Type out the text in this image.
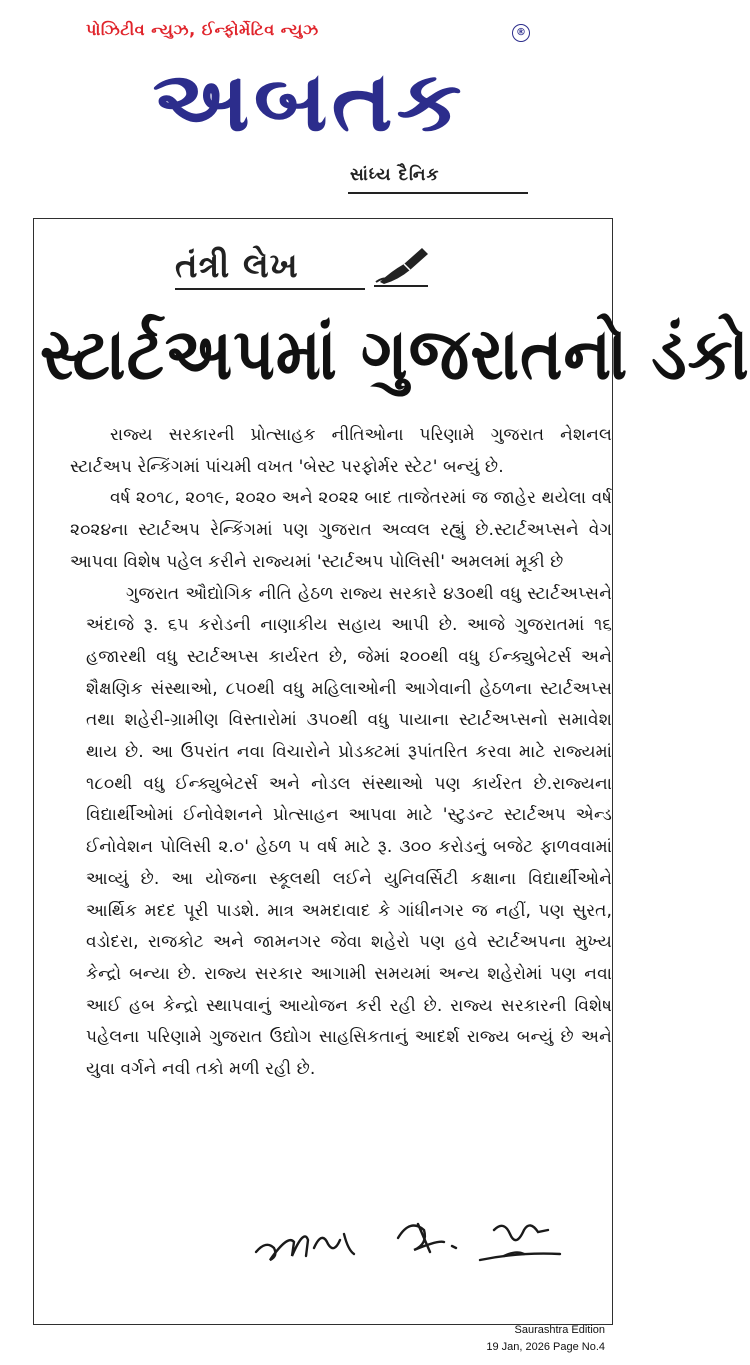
પોઝિટીવ ન્યુઝ, ઈન્ફોર્મેટિવ ન્યુઝ	®
અબતક
સાંધ્ય દૈનિક
તંત્રી લેખ
સ્ટાર્ટઅપમાં ગુજરાતનો ડંકો

રાજ્ય સરકારની પ્રોત્સાહક નીતિઓના પરિણામે ગુજરાત નેશનલ સ્ટાર્ટઅપ રેન્કિંગમાં પાંચમી વખત 'બેસ્ટ પરફોર્મર સ્ટેટ' બન્યું છે.

વર્ષ ૨૦૧૮, ૨૦૧૯, ૨૦૨૦ અને ૨૦૨૨ બાદ તાજેતરમાં જ જાહેર થયેલા વર્ષ ૨૦૨૪ના સ્ટાર્ટઅપ રેન્કિંગમાં પણ ગુજરાત અવ્વલ રહ્યું છે.સ્ટાર્ટઅપ્સને વેગ આપવા વિશેષ પહેલ કરીને રાજ્યમાં 'સ્ટાર્ટઅપ પોલિસી' અમલમાં મૂકી છે

ગુજરાત ઔદ્યોગિક નીતિ હેઠળ રાજ્ય સરકારે ૪૩૦થી વધુ સ્ટાર્ટઅપ્સને અંદાજે રૂ. ૬૫ કરોડની નાણાકીય સહાય આપી છે. આજે ગુજરાતમાં ૧૬ હજારથી વધુ સ્ટાર્ટઅપ્સ કાર્યરત છે, જેમાં ૨૦૦થી વધુ ઈન્ક્યુબેટર્સ અને શૈક્ષણિક સંસ્થાઓ, ૮૫૦થી વધુ મહિલાઓની આગેવાની હેઠળના સ્ટાર્ટઅપ્સ તથા શહેરી-ગ્રામીણ વિસ્તારોમાં ૩૫૦થી વધુ પાયાના સ્ટાર્ટઅપ્સનો સમાવેશ થાય છે. આ ઉપરાંત નવા વિચારોને પ્રોડક્ટમાં રૂપાંતરિત કરવા માટે રાજ્યમાં ૧૮૦થી વધુ ઈન્ક્યુબેટર્સ અને નોડલ સંસ્થાઓ પણ કાર્યરત છે.રાજ્યના વિદ્યાર્થીઓમાં ઈનોવેશનને પ્રોત્સાહન આપવા માટે 'સ્ટુડન્ટ સ્ટાર્ટઅપ એન્ડ ઈનોવેશન પોલિસી ૨.૦' હેઠળ ૫ વર્ષ માટે રૂ. ૩૦૦ કરોડનું બજેટ ફાળવવામાં આવ્યું છે. આ યોજના સ્કૂલથી લઈને યુનિવર્સિટી કક્ષાના વિદ્યાર્થીઓને આર્થિક મદદ પૂરી પાડશે. માત્ર અમદાવાદ કે ગાંધીનગર જ નહીં, પણ સુરત, વડોદરા, રાજકોટ અને જામનગર જેવા શહેરો પણ હવે સ્ટાર્ટઅપના મુખ્ય કેન્દ્રો બન્યા છે. રાજ્ય સરકાર આગામી સમયમાં અન્ય શહેરોમાં પણ નવા આઈ હબ કેન્દ્રો સ્થાપવાનું આયોજન કરી રહી છે. રાજ્ય સરકારની વિશેષ પહેલના પરિણામે ગુજરાત ઉદ્યોગ સાહસિકતાનું આદર્શ રાજ્ય બન્યું છે અને યુવા વર્ગને નવી તકો મળી રહી છે.

Saurashtra Edition
19 Jan, 2026 Page No.4
